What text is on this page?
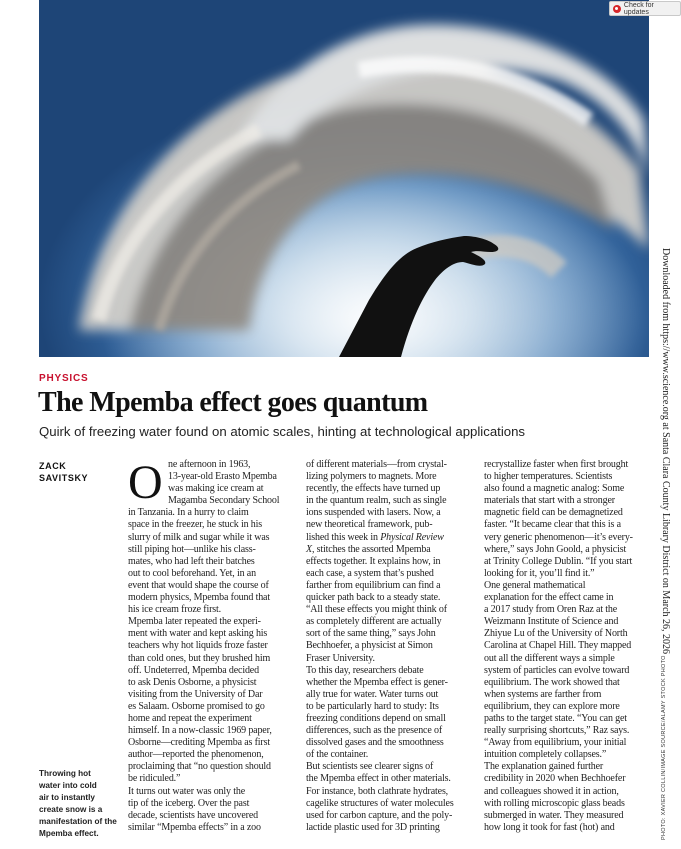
Check for updates
Downloaded from https://www.science.org at Santa Clara County Library District on March 26, 2026
PHOTO: XAVIER COLLIN/IMAGE SOURCE/ALAMY STOCK PHOTO
PHYSICS
The Mpemba effect goes quantum
Quirk of freezing water found on atomic scales, hinting at technological applications
ZACK
SAVITSKY
Throwing hot
water into cold
air to instantly
create snow is a
manifestation of the
Mpemba effect.
O ne afternoon in 1963,
13-year-old Erasto Mpemba
was making ice cream at
Magamba Secondary School
in Tanzania. In a hurry to claim
space in the freezer, he stuck in his
slurry of milk and sugar while it was
still piping hot—unlike his class-
mates, who had left their batches
out to cool beforehand. Yet, in an
event that would shape the course of
modern physics, Mpemba found that
his ice cream froze first.
Mpemba later repeated the experi-
ment with water and kept asking his
teachers why hot liquids froze faster
than cold ones, but they brushed him
off. Undeterred, Mpemba decided
to ask Denis Osborne, a physicist
visiting from the University of Dar
es Salaam. Osborne promised to go
home and repeat the experiment
himself. In a now-classic 1969 paper,
Osborne—crediting Mpemba as first
author—reported the phenomenon,
proclaiming that “no question should
be ridiculed.”
It turns out water was only the
tip of the iceberg. Over the past
decade, scientists have uncovered
similar “Mpemba effects” in a zoo
of different materials—from crystal-
lizing polymers to magnets. More
recently, the effects have turned up
in the quantum realm, such as single
ions suspended with lasers. Now, a
new theoretical framework, pub-
lished this week in Physical Review
X, stitches the assorted Mpemba
effects together. It explains how, in
each case, a system that’s pushed
farther from equilibrium can find a
quicker path back to a steady state.
“All these effects you might think of
as completely different are actually
sort of the same thing,” says John
Bechhoefer, a physicist at Simon
Fraser University.
To this day, researchers debate
whether the Mpemba effect is gener-
ally true for water. Water turns out
to be particularly hard to study: Its
freezing conditions depend on small
differences, such as the presence of
dissolved gases and the smoothness
of the container.
But scientists see clearer signs of
the Mpemba effect in other materials.
For instance, both clathrate hydrates,
cagelike structures of water molecules
used for carbon capture, and the poly-
lactide plastic used for 3D printing
recrystallize faster when first brought
to higher temperatures. Scientists
also found a magnetic analog: Some
materials that start with a stronger
magnetic field can be demagnetized
faster. “It became clear that this is a
very generic phenomenon—it’s every-
where,” says John Goold, a physicist
at Trinity College Dublin. “If you start
looking for it, you’ll find it.”
One general mathematical
explanation for the effect came in
a 2017 study from Oren Raz at the
Weizmann Institute of Science and
Zhiyue Lu of the University of North
Carolina at Chapel Hill. They mapped
out all the different ways a simple
system of particles can evolve toward
equilibrium. The work showed that
when systems are farther from
equilibrium, they can explore more
paths to the target state. “You can get
really surprising shortcuts,” Raz says.
“Away from equilibrium, your initial
intuition completely collapses.”
The explanation gained further
credibility in 2020 when Bechhoefer
and colleagues showed it in action,
with rolling microscopic glass beads
submerged in water. They measured
how long it took for fast (hot) and
